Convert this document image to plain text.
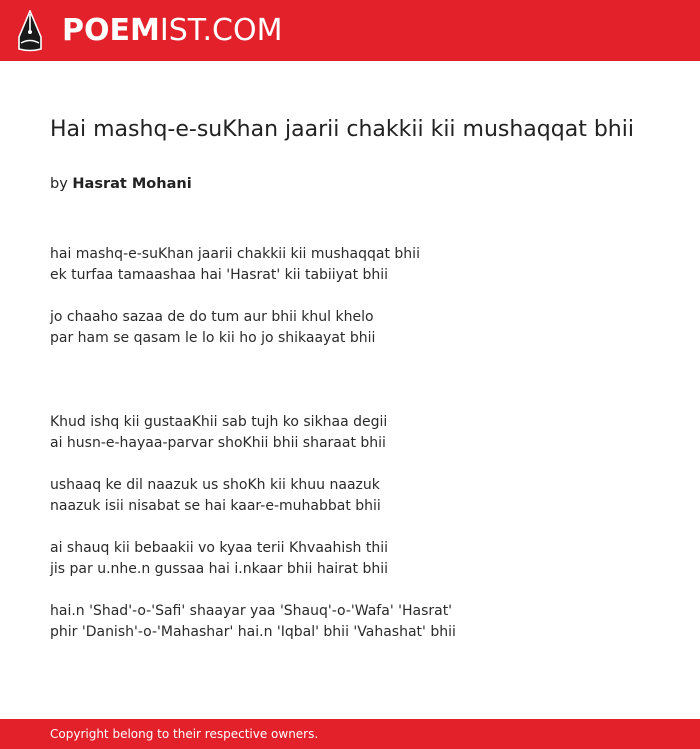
POEMIST.COM
Hai mashq-e-suKhan jaarii chakkii kii mushaqqat bhii
by Hasrat Mohani
hai mashq-e-suKhan jaarii chakkii kii mushaqqat bhii
ek turfaa tamaashaa hai 'Hasrat' kii tabiiyat bhii
jo chaaho sazaa de do tum aur bhii khul khelo
par ham se qasam le lo kii ho jo shikaayat bhii
Khud ishq kii gustaaKhii sab tujh ko sikhaa degii
ai husn-e-hayaa-parvar shoKhii bhii sharaat bhii
ushaaq ke dil naazuk us shoKh kii khuu naazuk
naazuk isii nisabat se hai kaar-e-muhabbat bhii
ai shauq kii bebaakii vo kyaa terii Khvaahish thii
jis par u.nhe.n gussaa hai i.nkaar bhii hairat bhii
hai.n 'Shad'-o-'Safi' shaayar yaa 'Shauq'-o-'Wafa' 'Hasrat'
phir 'Danish'-o-'Mahashar' hai.n 'Iqbal' bhii 'Vahashat' bhii
Copyright belong to their respective owners.
